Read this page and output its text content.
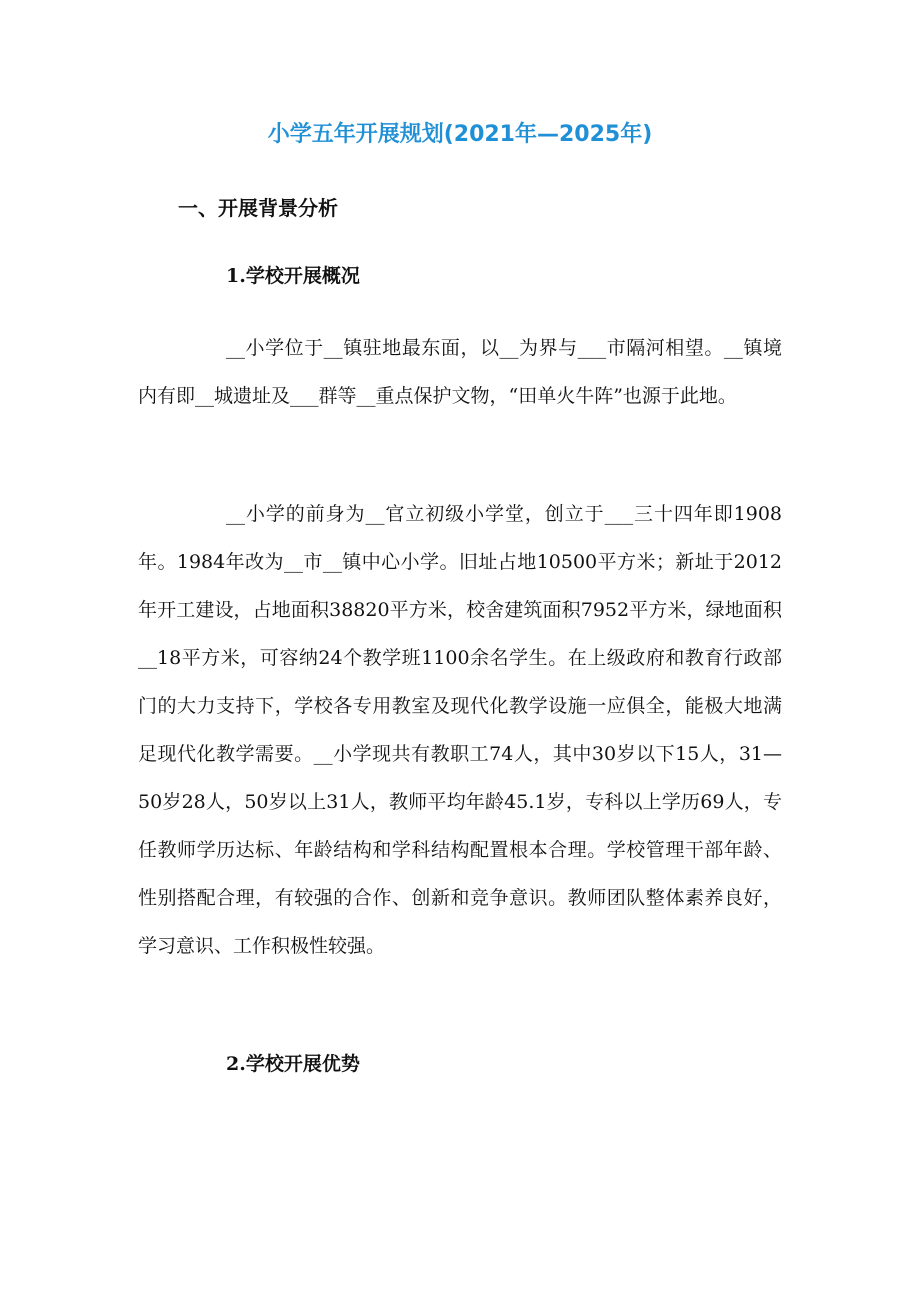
小学五年开展规划(2021年—2025年)
一、开展背景分析
1.学校开展概况

__小学位于__镇驻地最东面，以__为界与___市隔河相望。__镇境内有即__城遗址及___群等__重点保护文物，“田单火牛阵”也源于此地。

__小学的前身为__官立初级小学堂，创立于___三十四年即1908年。1984年改为__市__镇中心小学。旧址占地10500平方米；新址于2012年开工建设，占地面积38820平方米，校舍建筑面积7952平方米，绿地面积__18平方米，可容纳24个教学班1100余名学生。在上级政府和教育行政部门的大力支持下，学校各专用教室及现代化教学设施一应俱全，能极大地满足现代化教学需要。__小学现共有教职工74人，其中30岁以下15人，31—50岁28人，50岁以上31人，教师平均年龄45.1岁，专科以上学历69人，专任教师学历达标、年龄结构和学科结构配置根本合理。学校管理干部年龄、性别搭配合理，有较强的合作、创新和竞争意识。教师团队整体素养良好，学习意识、工作积极性较强。

2.学校开展优势
